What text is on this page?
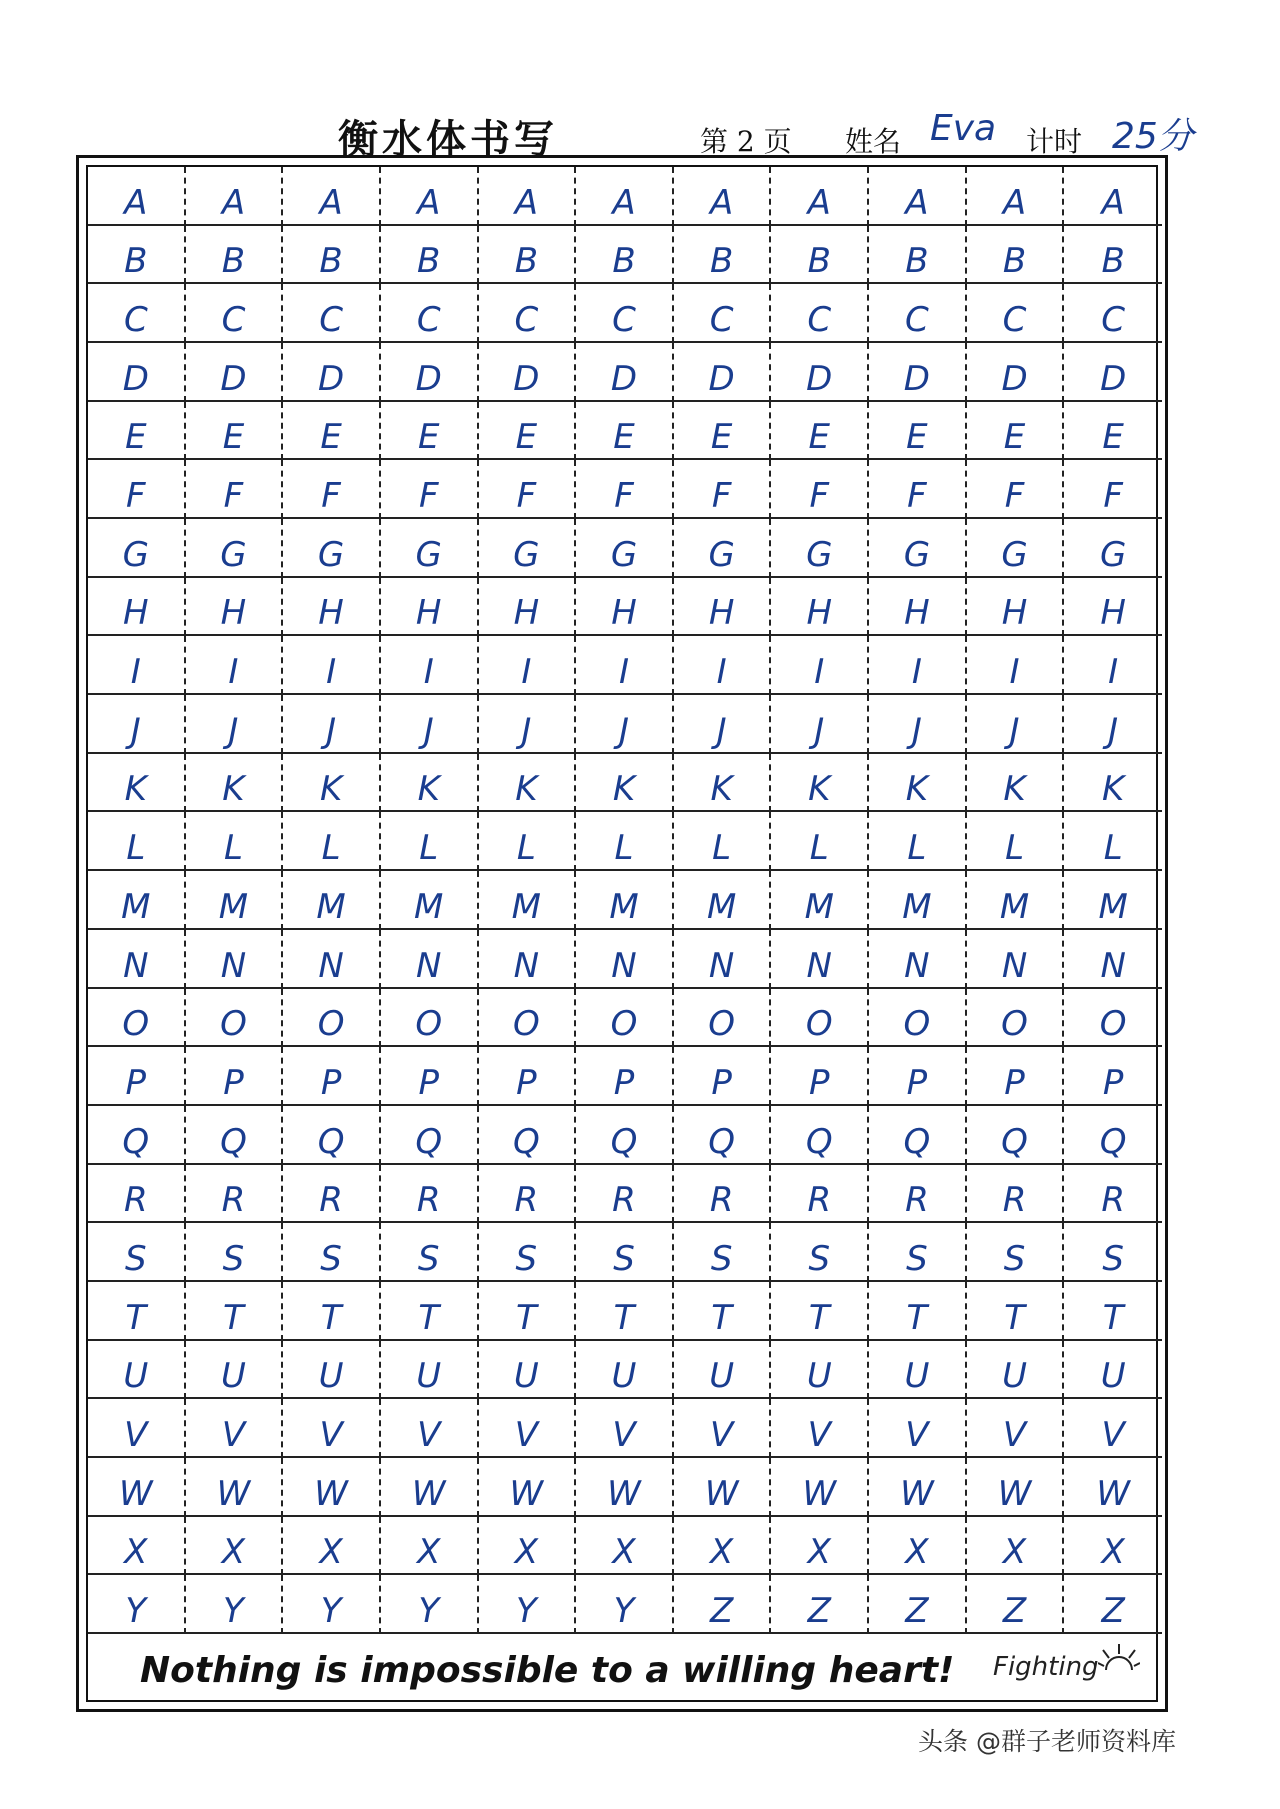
衡水体书写	第 2 页 姓名 Eva 计时 25分
A	A	A	A	A	A	A	A	A	A	A
B	B	B	B	B	B	B	B	B	B	B
C	C	C	C	C	C	C	C	C	C	C
D	D	D	D	D	D	D	D	D	D	D
E	E	E	E	E	E	E	E	E	E	E
F	F	F	F	F	F	F	F	F	F	F
G	G	G	G	G	G	G	G	G	G	G
H	H	H	H	H	H	H	H	H	H	H
I	I	I	I	I	I	I	I	I	I	I
J	J	J	J	J	J	J	J	J	J	J
K	K	K	K	K	K	K	K	K	K	K
L	L	L	L	L	L	L	L	L	L	L
M	M	M	M	M	M	M	M	M	M	M
N	N	N	N	N	N	N	N	N	N	N
O	O	O	O	O	O	O	O	O	O	O
P	P	P	P	P	P	P	P	P	P	P
Q	Q	Q	Q	Q	Q	Q	Q	Q	Q	Q
R	R	R	R	R	R	R	R	R	R	R
S	S	S	S	S	S	S	S	S	S	S
T	T	T	T	T	T	T	T	T	T	T
U	U	U	U	U	U	U	U	U	U	U
V	V	V	V	V	V	V	V	V	V	V
W	W	W	W	W	W	W	W	W	W	W
X	X	X	X	X	X	X	X	X	X	X
Y	Y	Y	Y	Y	Y	Z	Z	Z	Z	Z
Nothing is impossible to a willing heart! Fighting
头条 @群子老师资料库
